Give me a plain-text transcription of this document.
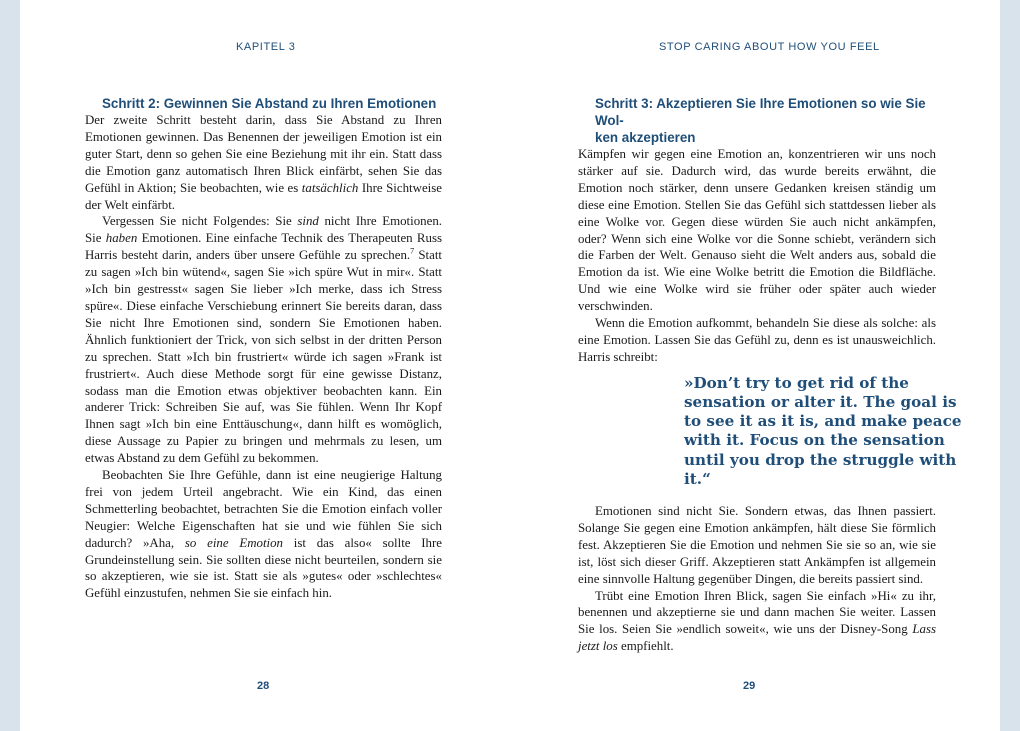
KAPITEL 3
Schritt 2: Gewinnen Sie Abstand zu Ihren Emotionen

Der zweite Schritt besteht darin, dass Sie Abstand zu Ihren Emotionen gewinnen. Das Benennen der jeweiligen Emotion ist ein guter Start, denn so gehen Sie eine Beziehung mit ihr ein. Statt dass die Emotion ganz automatisch Ihren Blick einfärbt, sehen Sie das Gefühl in Aktion; Sie beobachten, wie es tatsächlich Ihre Sichtweise der Welt einfärbt.

Vergessen Sie nicht Folgendes: Sie sind nicht Ihre Emotionen. Sie haben Emotionen. Eine einfache Technik des Therapeuten Russ Harris besteht darin, anders über unsere Gefühle zu sprechen.$^7$ Statt zu sagen »Ich bin wütend«, sagen Sie »ich spüre Wut in mir«. Statt »Ich bin gestresst« sagen Sie lieber »Ich merke, dass ich Stress spüre«. Diese einfache Verschiebung erinnert Sie bereits daran, dass Sie nicht Ihre Emotionen sind, sondern Sie Emotionen haben. Ähnlich funktioniert der Trick, von sich selbst in der dritten Person zu sprechen. Statt »Ich bin frustriert« würde ich sagen »Frank ist frustriert«. Auch diese Methode sorgt für eine gewisse Distanz, sodass man die Emotion etwas objektiver beobachten kann. Ein anderer Trick: Schreiben Sie auf, was Sie fühlen. Wenn Ihr Kopf Ihnen sagt »Ich bin eine Enttäuschung«, dann hilft es womöglich, diese Aussage zu Papier zu bringen und mehrmals zu lesen, um etwas Abstand zu dem Gefühl zu bekommen.

Beobachten Sie Ihre Gefühle, dann ist eine neugierige Haltung frei von jedem Urteil angebracht. Wie ein Kind, das einen Schmetterling beobachtet, betrachten Sie die Emotion einfach voller Neugier: Welche Eigenschaften hat sie und wie fühlen Sie sich dadurch? »Aha, so eine Emotion ist das also« sollte Ihre Grundeinstellung sein. Sie sollten diese nicht beurteilen, sondern sie so akzeptieren, wie sie ist. Statt sie als »gutes« oder »schlechtes« Gefühl einzustufen, nehmen Sie sie einfach hin.

28
STOP CARING ABOUT HOW YOU FEEL
Schritt 3: Akzeptieren Sie Ihre Emotionen so wie Sie Wol-
ken akzeptieren

Kämpfen wir gegen eine Emotion an, konzentrieren wir uns noch stärker auf sie. Dadurch wird, das wurde bereits erwähnt, die Emotion noch stärker, denn unsere Gedanken kreisen ständig um diese eine Emotion. Stellen Sie das Gefühl sich stattdessen lieber als eine Wolke vor. Gegen diese würden Sie auch nicht ankämpfen, oder? Wenn sich eine Wolke vor die Sonne schiebt, verändern sich die Farben der Welt. Genauso sieht die Welt anders aus, sobald die Emotion da ist. Wie eine Wolke betritt die Emotion die Bildfläche. Und wie eine Wolke wird sie früher oder später auch wieder verschwinden.

Wenn die Emotion aufkommt, behandeln Sie diese als solche: als eine Emotion. Lassen Sie das Gefühl zu, denn es ist unausweichlich. Harris schreibt:

»Don’t try to get rid of the sensation or alter it. The goal is to see it as it is, and make peace with it. Focus on the sensation until you drop the struggle with it.“

Emotionen sind nicht Sie. Sondern etwas, das Ihnen passiert. Solange Sie gegen eine Emotion ankämpfen, hält diese Sie förmlich fest. Akzeptieren Sie die Emotion und nehmen Sie sie so an, wie sie ist, löst sich dieser Griff. Akzeptieren statt Ankämpfen ist allgemein eine sinnvolle Haltung gegenüber Dingen, die bereits passiert sind.

Trübt eine Emotion Ihren Blick, sagen Sie einfach »Hi« zu ihr, benennen und akzeptierne sie und dann machen Sie weiter. Lassen Sie los. Seien Sie »endlich soweit«, wie uns der Disney-Song Lass jetzt los empfiehlt.

29
